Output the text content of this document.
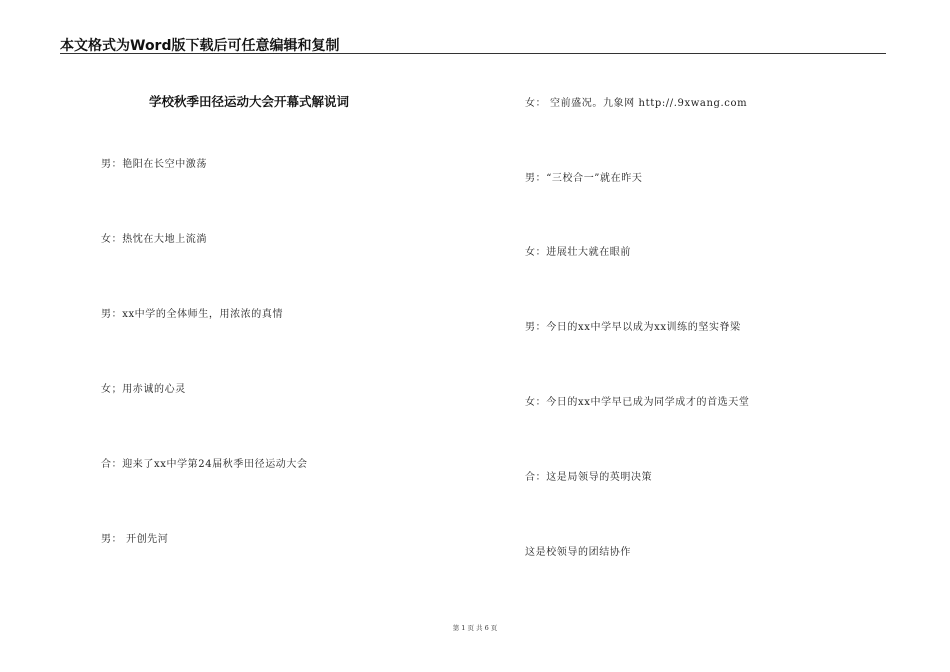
本文格式为Word版下载后可任意编辑和复制
学校秋季田径运动大会开幕式解说词
男：艳阳在长空中激荡
女：热忱在大地上流淌
男：xx中学的全体师生，用浓浓的真情
女；用赤诚的心灵
合：迎来了xx中学第24届秋季田径运动大会
男： 开创先河
女： 空前盛况。九象网 http://.9xwang.com
男：“三校合一”就在昨天
女：进展壮大就在眼前
男：今日的xx中学早以成为xx训练的坚实脊梁
女：今日的xx中学早已成为同学成才的首选天堂
合：这是局领导的英明决策
这是校领导的团结协作
第 1 页 共 6 页
